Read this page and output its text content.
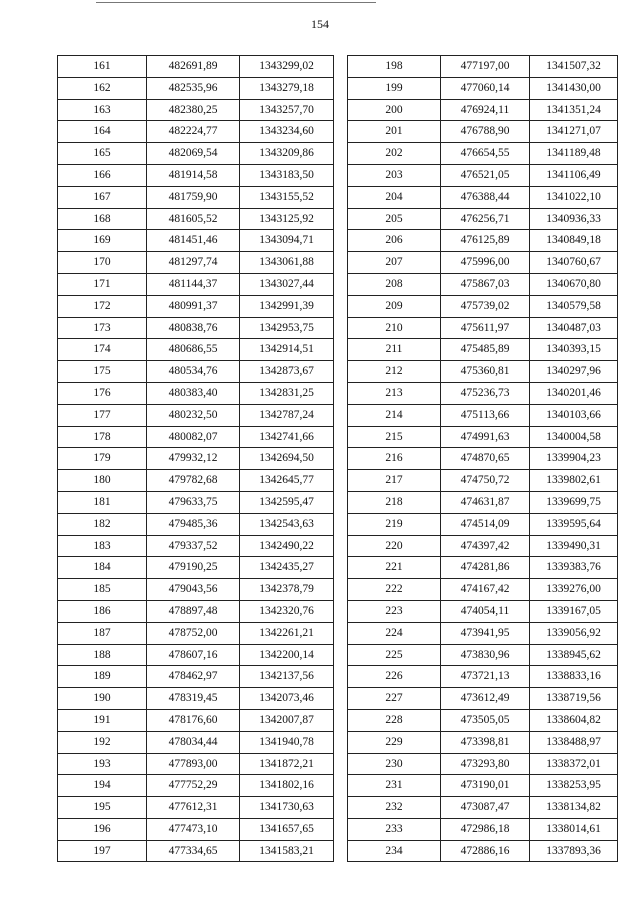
154
161	482691,89	1343299,02
162	482535,96	1343279,18
163	482380,25	1343257,70
164	482224,77	1343234,60
165	482069,54	1343209,86
166	481914,58	1343183,50
167	481759,90	1343155,52
168	481605,52	1343125,92
169	481451,46	1343094,71
170	481297,74	1343061,88
171	481144,37	1343027,44
172	480991,37	1342991,39
173	480838,76	1342953,75
174	480686,55	1342914,51
175	480534,76	1342873,67
176	480383,40	1342831,25
177	480232,50	1342787,24
178	480082,07	1342741,66
179	479932,12	1342694,50
180	479782,68	1342645,77
181	479633,75	1342595,47
182	479485,36	1342543,63
183	479337,52	1342490,22
184	479190,25	1342435,27
185	479043,56	1342378,79
186	478897,48	1342320,76
187	478752,00	1342261,21
188	478607,16	1342200,14
189	478462,97	1342137,56
190	478319,45	1342073,46
191	478176,60	1342007,87
192	478034,44	1341940,78
193	477893,00	1341872,21
194	477752,29	1341802,16
195	477612,31	1341730,63
196	477473,10	1341657,65
197	477334,65	1341583,21
198	477197,00	1341507,32
199	477060,14	1341430,00
200	476924,11	1341351,24
201	476788,90	1341271,07
202	476654,55	1341189,48
203	476521,05	1341106,49
204	476388,44	1341022,10
205	476256,71	1340936,33
206	476125,89	1340849,18
207	475996,00	1340760,67
208	475867,03	1340670,80
209	475739,02	1340579,58
210	475611,97	1340487,03
211	475485,89	1340393,15
212	475360,81	1340297,96
213	475236,73	1340201,46
214	475113,66	1340103,66
215	474991,63	1340004,58
216	474870,65	1339904,23
217	474750,72	1339802,61
218	474631,87	1339699,75
219	474514,09	1339595,64
220	474397,42	1339490,31
221	474281,86	1339383,76
222	474167,42	1339276,00
223	474054,11	1339167,05
224	473941,95	1339056,92
225	473830,96	1338945,62
226	473721,13	1338833,16
227	473612,49	1338719,56
228	473505,05	1338604,82
229	473398,81	1338488,97
230	473293,80	1338372,01
231	473190,01	1338253,95
232	473087,47	1338134,82
233	472986,18	1338014,61
234	472886,16	1337893,36
